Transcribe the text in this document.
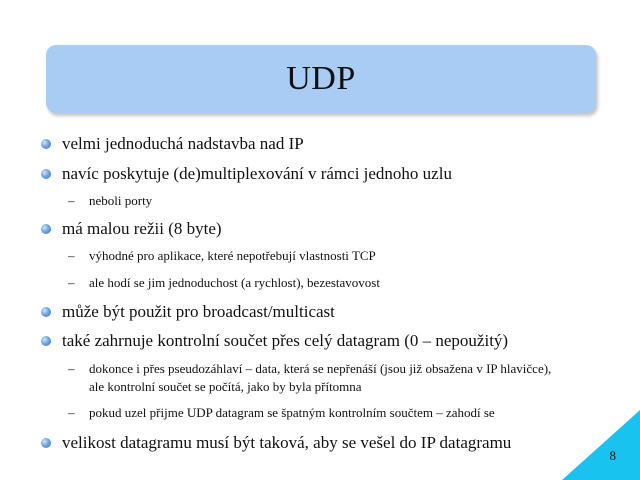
UDP

velmi jednoduchá nadstavba nad IP

navíc poskytuje (de)multiplexování v rámci jednoho uzlu

– neboli porty

má malou režii (8 byte)

– výhodné pro aplikace, které nepotřebují vlastnosti TCP

– ale hodí se jim jednoduchost (a rychlost), bezestavovost

může být použit pro broadcast/multicast

také zahrnuje kontrolní součet přes celý datagram (0 – nepoužitý)

– dokonce i přes pseudozáhlaví – data, která se nepřenáší (jsou již obsažena v IP hlavičce), ale kontrolní součet se počítá, jako by byla přítomna

– pokud uzel přijme UDP datagram se špatným kontrolním součtem – zahodí se

velikost datagramu musí být taková, aby se vešel do IP datagramu

8
